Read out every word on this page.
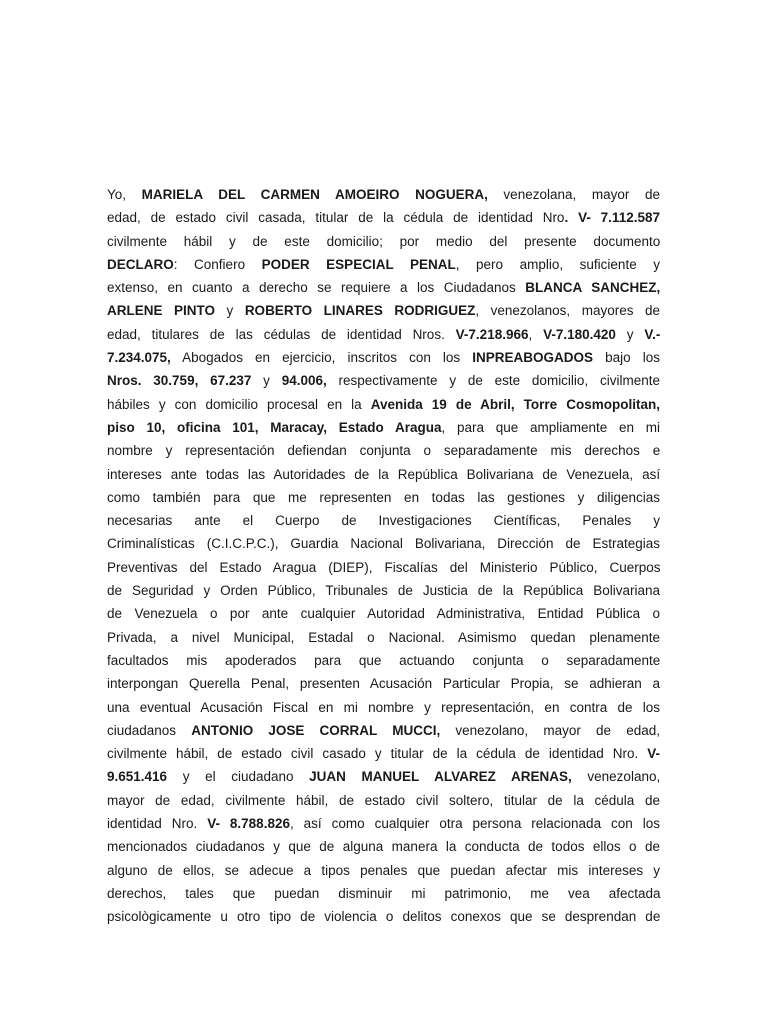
Yo, MARIELA DEL CARMEN AMOEIRO NOGUERA, venezolana, mayor de
edad, de estado civil casada, titular de la cédula de identidad Nro. V- 7.112.587
civilmente hábil y de este domicilio; por medio del presente documento
DECLARO: Confiero PODER ESPECIAL PENAL, pero amplio, suficiente y
extenso, en cuanto a derecho se requiere a los Ciudadanos BLANCA SANCHEZ,
ARLENE PINTO y ROBERTO LINARES RODRIGUEZ, venezolanos, mayores de
edad, titulares de las cédulas de identidad Nros. V-7.218.966, V-7.180.420 y V.-
7.234.075, Abogados en ejercicio, inscritos con los INPREABOGADOS bajo los
Nros. 30.759, 67.237 y 94.006, respectivamente y de este domicilio, civilmente
hábiles y con domicilio procesal en la Avenida 19 de Abril, Torre Cosmopolitan,
piso 10, oficina 101, Maracay, Estado Aragua, para que ampliamente en mi
nombre y representación defiendan conjunta o separadamente mis derechos e
intereses ante todas las Autoridades de la República Bolivariana de Venezuela, así
como también para que me representen en todas las gestiones y diligencias
necesarias ante el Cuerpo de Investigaciones Científicas, Penales y
Criminalísticas (C.I.C.P.C.), Guardia Nacional Bolivariana, Dirección de Estrategias
Preventivas del Estado Aragua (DIEP), Fiscalías del Ministerio Público, Cuerpos
de Seguridad y Orden Público, Tribunales de Justicia de la República Bolivariana
de Venezuela o por ante cualquier Autoridad Administrativa, Entidad Pública o
Privada, a nivel Municipal, Estadal o Nacional. Asimismo quedan plenamente
facultados mis apoderados para que actuando conjunta o separadamente
interpongan Querella Penal, presenten Acusación Particular Propia, se adhieran a
una eventual Acusación Fiscal en mi nombre y representación, en contra de los
ciudadanos ANTONIO JOSE CORRAL MUCCI, venezolano, mayor de edad,
civilmente hábil, de estado civil casado y titular de la cédula de identidad Nro. V-
9.651.416 y el ciudadano JUAN MANUEL ALVAREZ ARENAS, venezolano,
mayor de edad, civilmente hábil, de estado civil soltero, titular de la cédula de
identidad Nro. V- 8.788.826, así como cualquier otra persona relacionada con los
mencionados ciudadanos y que de alguna manera la conducta de todos ellos o de
alguno de ellos, se adecue a tipos penales que puedan afectar mis intereses y
derechos, tales que puedan disminuir mi patrimonio, me vea afectada
psicològicamente u otro tipo de violencia o delitos conexos que se desprendan de
